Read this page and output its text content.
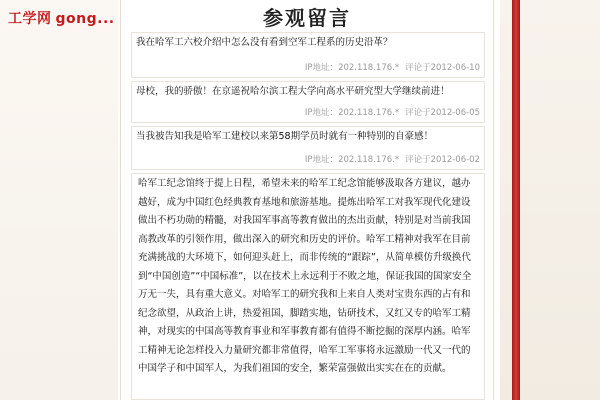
工学网 gong...	参观留言
我在哈军工六校介绍中怎么没有看到空军工程系的历史沿革？
IP地址：202.118.176.* 评论于2012-06-10
母校，我的骄傲！在京遥祝哈尔滨工程大学向高水平研究型大学继续前进！
IP地址：202.118.176.* 评论于2012-06-05
当我被告知我是哈军工建校以来第58期学员时就有一种特别的自豪感！
IP地址：202.118.176.* 评论于2012-06-02
哈军工纪念馆终于提上日程，希望未来的哈军工纪念馆能够汲取各方建议，越办越好，成为中国红色经典教育基地和旅游基地。提炼出哈军工对我军现代化建设做出不朽功勋的精髓，对我国军事高等教育做出的杰出贡献，特别是对当前我国高教改革的引领作用，做出深入的研究和历史的评价。哈军工精神对我军在目前充满挑战的大环境下，如何迎头赶上，而非传统的“跟踪”，从简单模仿升级换代到“中国创造”“中国标准”，以在技术上永远利于不败之地，保证我国的国家安全万无一失，具有重大意义。对哈军工的研究我和上来自人类对宝贵东西的占有和纪念欲望，从政治上讲，热爱祖国，脚踏实地，钻研技术，又红又专的哈军工精神，对现实的中国高等教育事业和军事教育都有值得不断挖掘的深厚内涵。哈军工精神无论怎样投入力量研究都非常值得，哈军工军事将永远激励一代又一代的中国学子和中国军人，为我们祖国的安全，繁荣富强做出实实在在的贡献。
